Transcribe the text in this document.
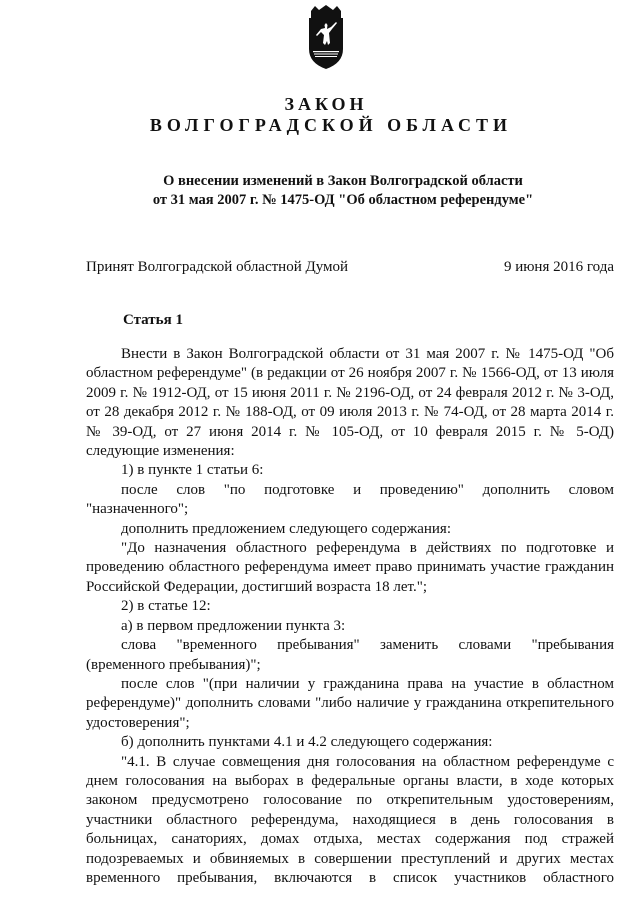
ЗАКОН
ВОЛГОГРАДСКОЙ ОБЛАСТИ
О внесении изменений в Закон Волгоградской области
от 31 мая 2007 г. № 1475-ОД "Об областном референдуме"
Принят Волгоградской областной Думой	9 июня 2016 года
Статья 1

Внести в Закон Волгоградской области от 31 мая 2007 г. № 1475-ОД "Об областном референдуме" (в редакции от 26 ноября 2007 г. № 1566-ОД, от 13 июля 2009 г. № 1912-ОД, от 15 июня 2011 г. № 2196-ОД, от 24 февраля 2012 г. № 3-ОД, от 28 декабря 2012 г. № 188-ОД, от 09 июля 2013 г. № 74-ОД, от 28 марта 2014 г. № 39-ОД, от 27 июня 2014 г. № 105-ОД, от 10 февраля 2015 г. № 5-ОД) следующие изменения:

1) в пункте 1 статьи 6:

после слов "по подготовке и проведению" дополнить словом "назначенного";

дополнить предложением следующего содержания:

"До назначения областного референдума в действиях по подготовке и проведению областного референдума имеет право принимать участие гражданин Российской Федерации, достигший возраста 18 лет.";

2) в статье 12:

а) в первом предложении пункта 3:

слова "временного пребывания" заменить словами "пребывания (временного пребывания)";

после слов "(при наличии у гражданина права на участие в областном референдуме)" дополнить словами "либо наличие у гражданина открепительного удостоверения";

б) дополнить пунктами 4.1 и 4.2 следующего содержания:

"4.1. В случае совмещения дня голосования на областном референдуме с днем голосования на выборах в федеральные органы власти, в ходе которых законом предусмотрено голосование по открепительным удостоверениям, участники областного референдума, находящиеся в день голосования в больницах, санаториях, домах отдыха, местах содержания под стражей подозреваемых и обвиняемых в совершении преступлений и других местах временного пребывания, включаются в список участников областного
